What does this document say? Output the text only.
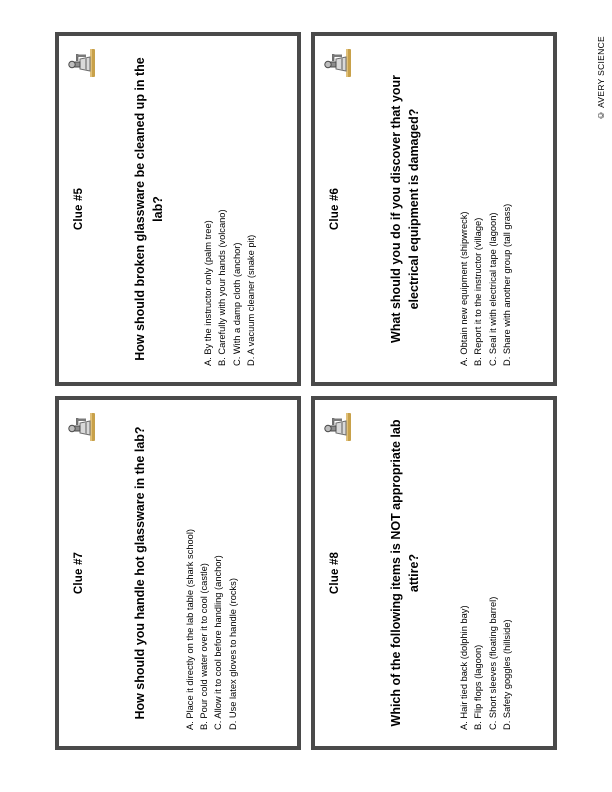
© AVERY SCIENCE
Clue #5	How should broken glassware be cleaned up in the lab?
A. By the instructor only (palm tree) B. Carefully with your hands (volcano) C. With a damp cloth (anchor) D. A vacuum cleaner (snake pit)
Clue #6	What should you do if you discover that your electrical equipment is damaged?	A. Obtain new equipment (shipwreck) B. Report it to the instructor (village) C. Seal it with electrical tape (lagoon) D. Share with another group (tall grass)
Clue #7	How should you handle hot glassware in the lab?	A. Place it directly on the lab table (shark school) B. Pour cold water over it to cool (castle) C. Allow it to cool before handling (anchor) D. Use latex gloves to handle (rocks)
Clue #8	Which of the following items is NOT appropriate lab attire?
A. Hair tied back (dolphin bay) B. Flip flops (lagoon) C. Short sleeves (floating barrel) D. Safety goggles (hillside)
